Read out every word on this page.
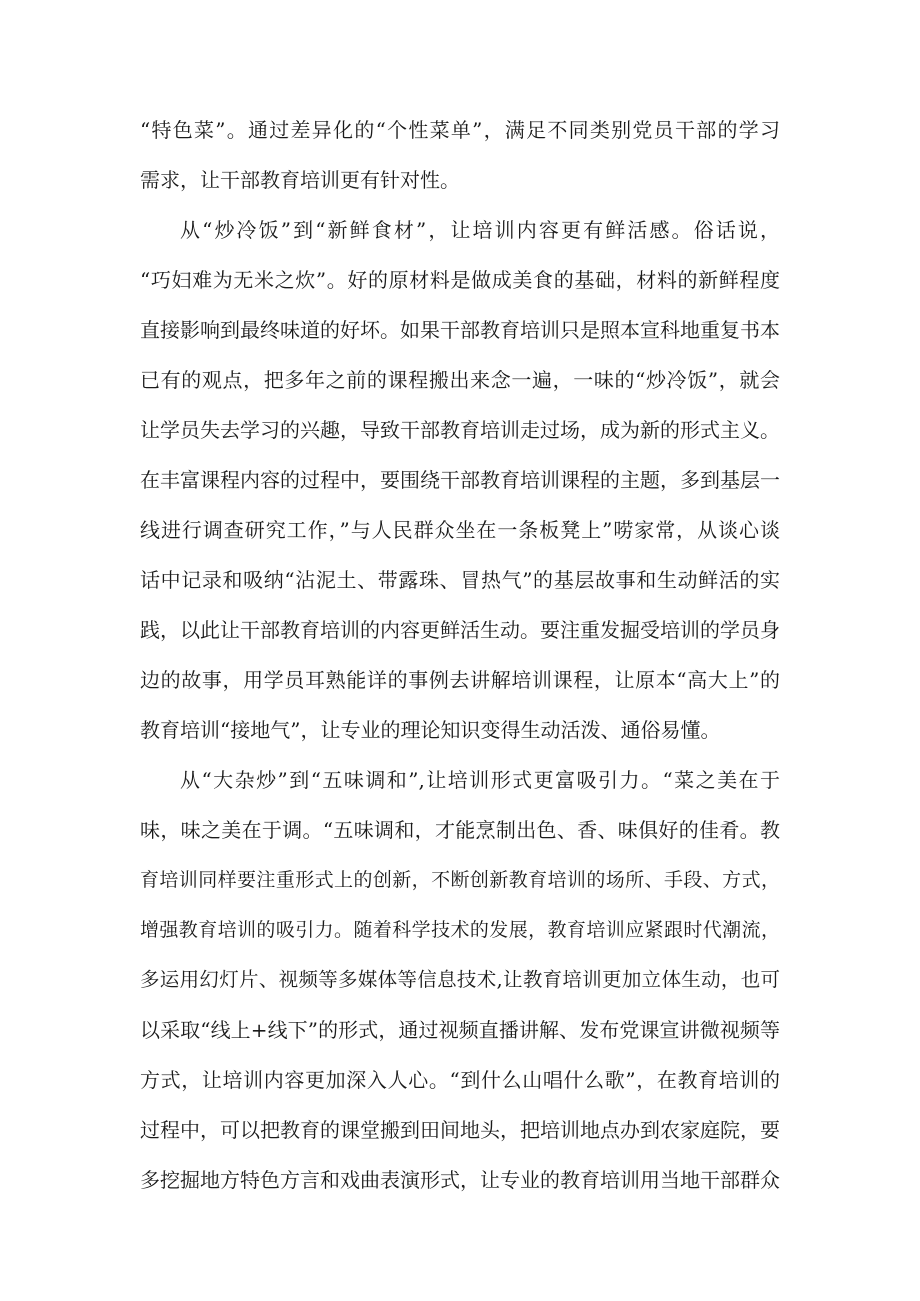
“特色菜”。通过差异化的“个性菜单”，满足不同类别党员干部的学习
需求，让干部教育培训更有针对性。
从“炒冷饭”到“新鲜食材”，让培训内容更有鲜活感。俗话说，
“巧妇难为无米之炊”。好的原材料是做成美食的基础，材料的新鲜程度
直接影响到最终味道的好坏。如果干部教育培训只是照本宣科地重复书本
已有的观点，把多年之前的课程搬出来念一遍，一味的“炒冷饭”，就会
让学员失去学习的兴趣，导致干部教育培训走过场，成为新的形式主义。
在丰富课程内容的过程中，要围绕干部教育培训课程的主题，多到基层一
线进行调查研究工作，”与人民群众坐在一条板凳上”唠家常，从谈心谈
话中记录和吸纳“沾泥土、带露珠、冒热气”的基层故事和生动鲜活的实
践，以此让干部教育培训的内容更鲜活生动。要注重发掘受培训的学员身
边的故事，用学员耳熟能详的事例去讲解培训课程，让原本“高大上”的
教育培训“接地气”，让专业的理论知识变得生动活泼、通俗易懂。
从“大杂炒”到“五味调和”,让培训形式更富吸引力。“菜之美在于
味，味之美在于调。“五味调和，才能烹制出色、香、味俱好的佳肴。教
育培训同样要注重形式上的创新，不断创新教育培训的场所、手段、方式，
增强教育培训的吸引力。随着科学技术的发展，教育培训应紧跟时代潮流，
多运用幻灯片、视频等多媒体等信息技术,让教育培训更加立体生动，也可
以采取“线上+线下”的形式，通过视频直播讲解、发布党课宣讲微视频等
方式，让培训内容更加深入人心。“到什么山唱什么歌”，在教育培训的
过程中，可以把教育的课堂搬到田间地头，把培训地点办到农家庭院，要
多挖掘地方特色方言和戏曲表演形式，让专业的教育培训用当地干部群众
